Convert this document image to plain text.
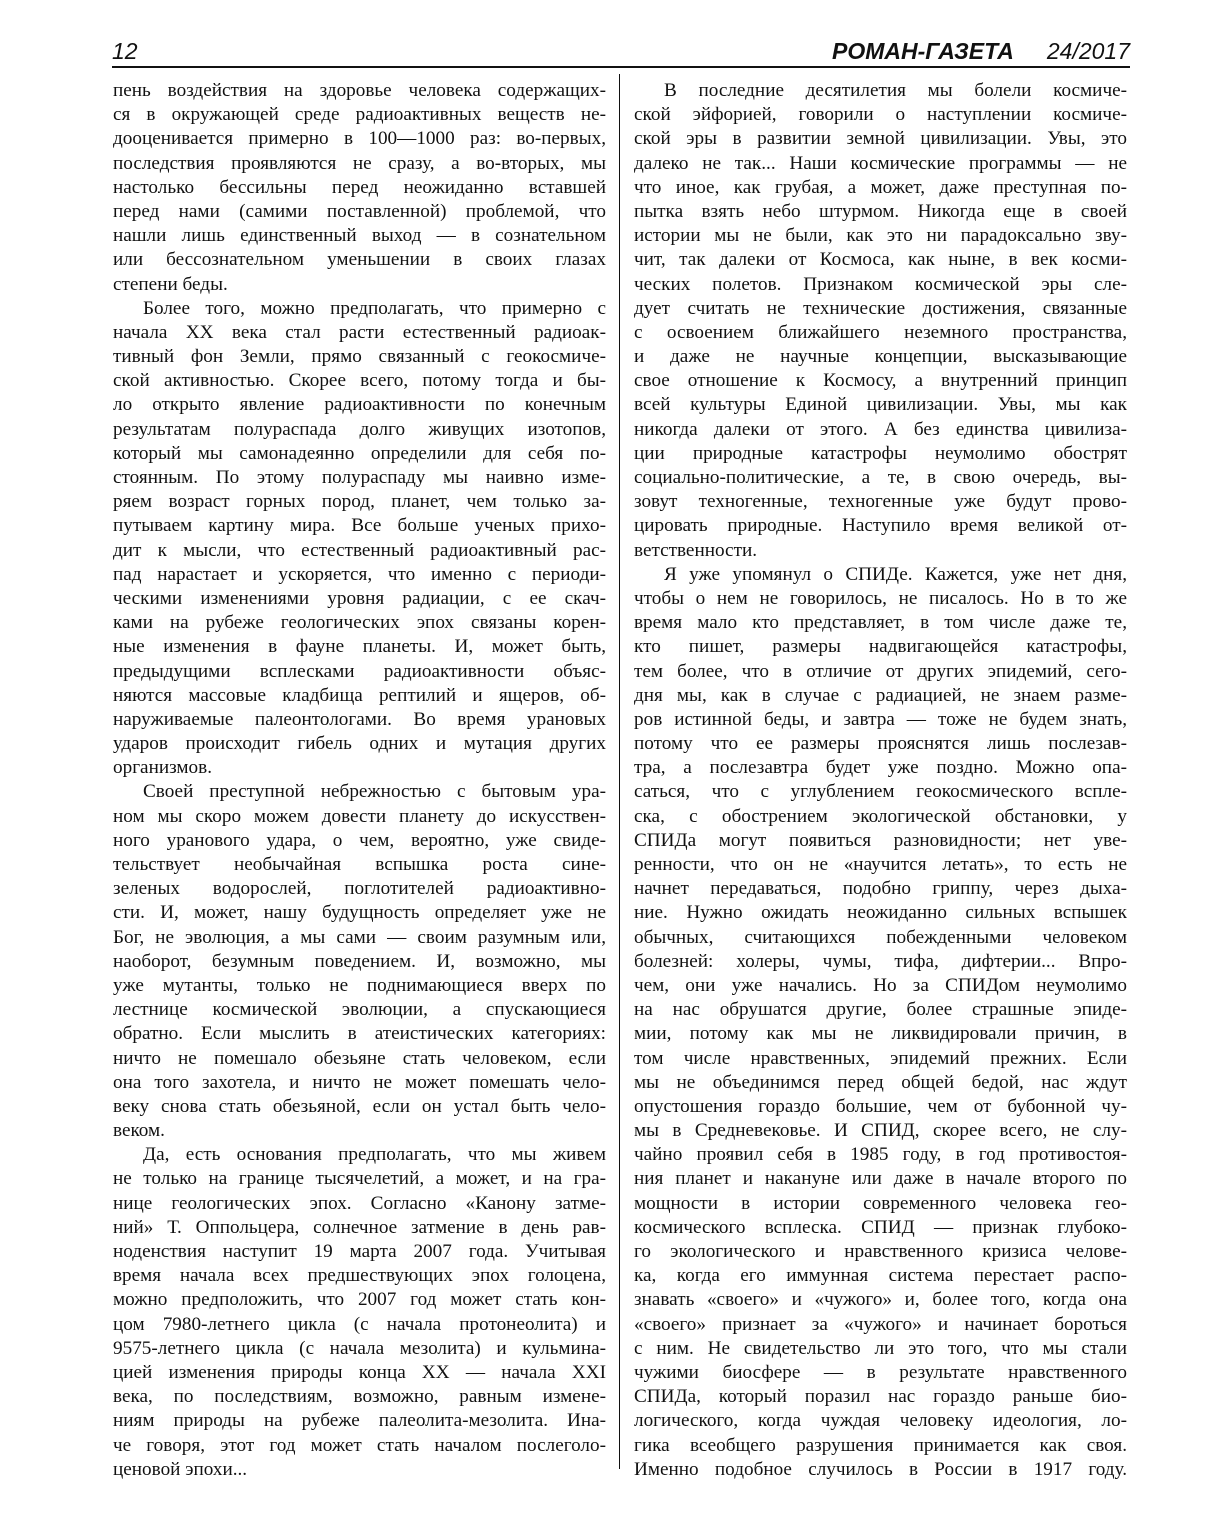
12	РОМАН-ГАЗЕТА 24/2017
пень воздействия на здоровье человека содержащих-
ся в окружающей среде радиоактивных веществ не-
дооценивается примерно в 100—1000 раз: во-первых,
последствия проявляются не сразу, а во-вторых, мы
настолько бессильны перед неожиданно вставшей
перед нами (самими поставленной) проблемой, что
нашли лишь единственный выход — в сознательном
или бессознательном уменьшении в своих глазах
степени беды.
Более того, можно предполагать, что примерно с
начала XX века стал расти естественный радиоак-
тивный фон Земли, прямо связанный с геокосмиче-
ской активностью. Скорее всего, потому тогда и бы-
ло открыто явление радиоактивности по конечным
результатам полураспада долго живущих изотопов,
который мы самонадеянно определили для себя по-
стоянным. По этому полураспаду мы наивно изме-
ряем возраст горных пород, планет, чем только за-
путываем картину мира. Все больше ученых прихо-
дит к мысли, что естественный радиоактивный рас-
пад нарастает и ускоряется, что именно с периоди-
ческими изменениями уровня радиации, с ее скач-
ками на рубеже геологических эпох связаны корен-
ные изменения в фауне планеты. И, может быть,
предыдущими всплесками радиоактивности объяс-
няются массовые кладбища рептилий и ящеров, об-
наруживаемые палеонтологами. Во время урановых
ударов происходит гибель одних и мутация других
организмов.
Своей преступной небрежностью с бытовым ура-
ном мы скоро можем довести планету до искусствен-
ного уранового удара, о чем, вероятно, уже свиде-
тельствует необычайная вспышка роста сине-
зеленых водорослей, поглотителей радиоактивно-
сти. И, может, нашу будущность определяет уже не
Бог, не эволюция, а мы сами — своим разумным или,
наоборот, безумным поведением. И, возможно, мы
уже мутанты, только не поднимающиеся вверх по
лестнице космической эволюции, а спускающиеся
обратно. Если мыслить в атеистических категориях:
ничто не помешало обезьяне стать человеком, если
она того захотела, и ничто не может помешать чело-
веку снова стать обезьяной, если он устал быть чело-
веком.
Да, есть основания предполагать, что мы живем
не только на границе тысячелетий, а может, и на гра-
нице геологических эпох. Согласно «Канону затме-
ний» Т. Оппольцера, солнечное затмение в день рав-
ноденствия наступит 19 марта 2007 года. Учитывая
время начала всех предшествующих эпох голоцена,
можно предположить, что 2007 год может стать кон-
цом 7980-летнего цикла (с начала протонеолита) и
9575-летнего цикла (с начала мезолита) и кульмина-
цией изменения природы конца XX — начала XXI
века, по последствиям, возможно, равным измене-
ниям природы на рубеже палеолита-мезолита. Ина-
че говоря, этот год может стать началом послеголо-
ценовой эпохи...
В последние десятилетия мы болели космиче-
ской эйфорией, говорили о наступлении космиче-
ской эры в развитии земной цивилизации. Увы, это
далеко не так... Наши космические программы — не
что иное, как грубая, а может, даже преступная по-
пытка взять небо штурмом. Никогда еще в своей
истории мы не были, как это ни парадоксально зву-
чит, так далеки от Космоса, как ныне, в век косми-
ческих полетов. Признаком космической эры сле-
дует считать не технические достижения, связанные
с освоением ближайшего неземного пространства,
и даже не научные концепции, высказывающие
свое отношение к Космосу, а внутренний принцип
всей культуры Единой цивилизации. Увы, мы как
никогда далеки от этого. А без единства цивилиза-
ции природные катастрофы неумолимо обострят
социально-политические, а те, в свою очередь, вы-
зовут техногенные, техногенные уже будут прово-
цировать природные. Наступило время великой от-
ветственности.
Я уже упомянул о СПИДе. Кажется, уже нет дня,
чтобы о нем не говорилось, не писалось. Но в то же
время мало кто представляет, в том числе даже те,
кто пишет, размеры надвигающейся катастрофы,
тем более, что в отличие от других эпидемий, сего-
дня мы, как в случае с радиацией, не знаем разме-
ров истинной беды, и завтра — тоже не будем знать,
потому что ее размеры прояснятся лишь послезав-
тра, а послезавтра будет уже поздно. Можно опа-
саться, что с углублением геокосмического вспле-
ска, с обострением экологической обстановки, у
СПИДа могут появиться разновидности; нет уве-
ренности, что он не «научится летать», то есть не
начнет передаваться, подобно гриппу, через дыха-
ние. Нужно ожидать неожиданно сильных вспышек
обычных, считающихся побежденными человеком
болезней: холеры, чумы, тифа, дифтерии... Впро-
чем, они уже начались. Но за СПИДом неумолимо
на нас обрушатся другие, более страшные эпиде-
мии, потому как мы не ликвидировали причин, в
том числе нравственных, эпидемий прежних. Если
мы не объединимся перед общей бедой, нас ждут
опустошения гораздо большие, чем от бубонной чу-
мы в Средневековье. И СПИД, скорее всего, не слу-
чайно проявил себя в 1985 году, в год противостоя-
ния планет и накануне или даже в начале второго по
мощности в истории современного человека гео-
космического всплеска. СПИД — признак глубоко-
го экологического и нравственного кризиса челове-
ка, когда его иммунная система перестает распо-
знавать «своего» и «чужого» и, более того, когда она
«своего» признает за «чужого» и начинает бороться
с ним. Не свидетельство ли это того, что мы стали
чужими биосфере — в результате нравственного
СПИДа, который поразил нас гораздо раньше био-
логического, когда чуждая человеку идеология, ло-
гика всеобщего разрушения принимается как своя.
Именно подобное случилось в России в 1917 году.
